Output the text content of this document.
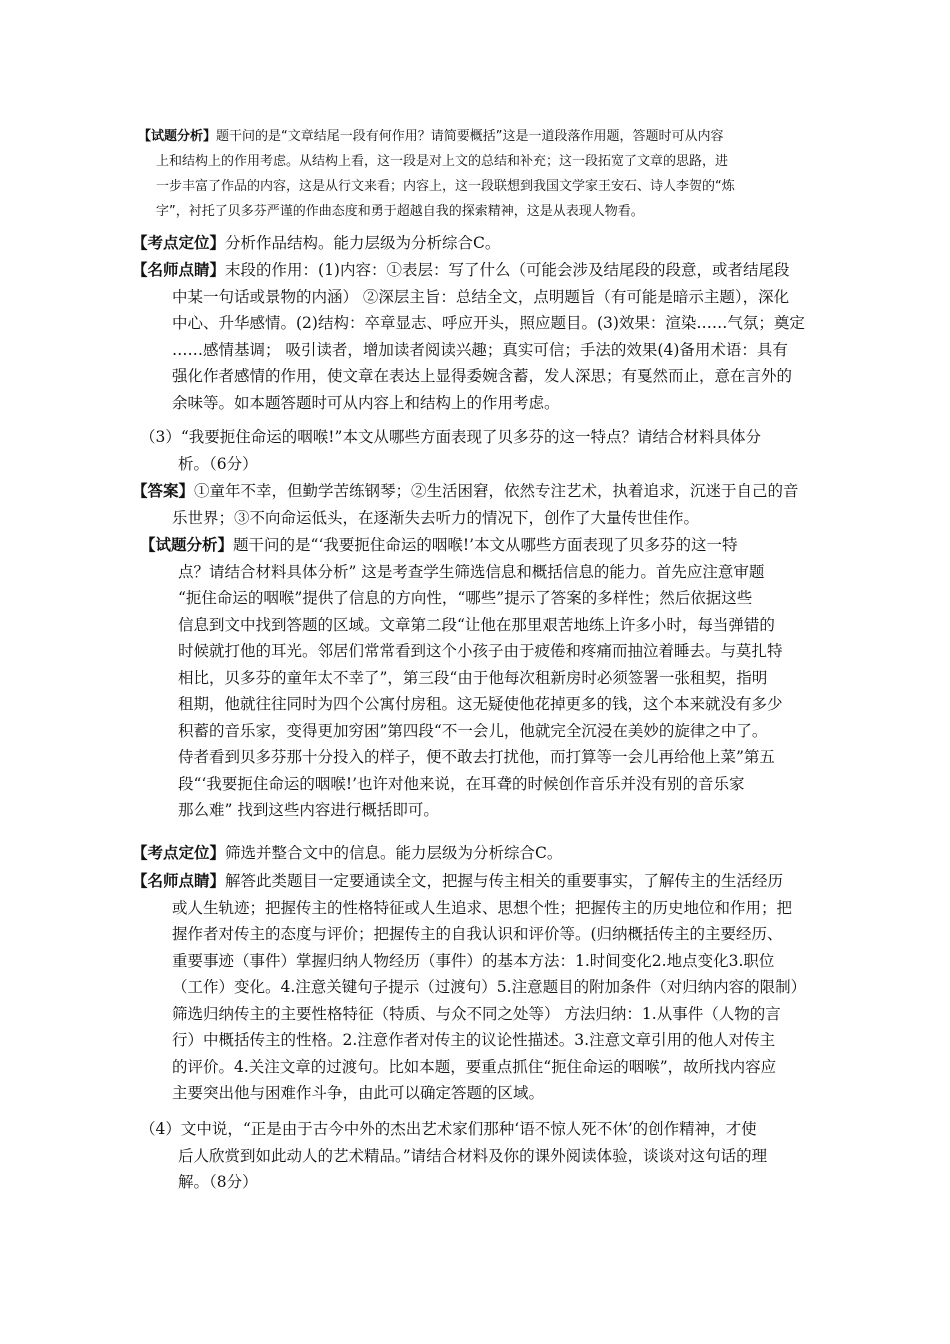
【试题分析】题干问的是“文章结尾一段有何作用？请简要概括”这是一道段落作用题，答题时可从内容
上和结构上的作用考虑。从结构上看，这一段是对上文的总结和补充；这一段拓宽了文章的思路，进
一步丰富了作品的内容，这是从行文来看；内容上，这一段联想到我国文学家王安石、诗人李贺的“炼
字”，衬托了贝多芬严谨的作曲态度和勇于超越自我的探索精神，这是从表现人物看。
【考点定位】分析作品结构。能力层级为分析综合C。
【名师点睛】末段的作用：(1)内容：①表层：写了什么（可能会涉及结尾段的段意，或者结尾段
中某一句话或景物的内涵） ②深层主旨：总结全文，点明题旨（有可能是暗示主题），深化
中心、升华感情。(2)结构：卒章显志、呼应开头，照应题目。(3)效果：渲染……气氛；奠定
……感情基调； 吸引读者，增加读者阅读兴趣；真实可信；手法的效果(4)备用术语：具有
强化作者感情的作用，使文章在表达上显得委婉含蓄，发人深思；有戛然而止，意在言外的
余味等。如本题答题时可从内容上和结构上的作用考虑。
（3）“我要扼住命运的咽喉!”本文从哪些方面表现了贝多芬的这一特点？请结合材料具体分
析。（6分）
【答案】①童年不幸，但勤学苦练钢琴；②生活困窘，依然专注艺术，执着追求，沉迷于自己的音
乐世界；③不向命运低头，在逐渐失去听力的情况下，创作了大量传世佳作。
【试题分析】题干问的是“‘我要扼住命运的咽喉!’本文从哪些方面表现了贝多芬的这一特
点？请结合材料具体分析” 这是考查学生筛选信息和概括信息的能力。首先应注意审题
“扼住命运的咽喉”提供了信息的方向性，“哪些”提示了答案的多样性；然后依据这些
信息到文中找到答题的区域。文章第二段“让他在那里艰苦地练上许多小时，每当弹错的
时候就打他的耳光。邻居们常常看到这个小孩子由于疲倦和疼痛而抽泣着睡去。与莫扎特
相比，贝多芬的童年太不幸了”，第三段“由于他每次租新房时必须签署一张租契，指明
租期，他就往往同时为四个公寓付房租。这无疑使他花掉更多的钱，这个本来就没有多少
积蓄的音乐家，变得更加穷困”第四段“不一会儿，他就完全沉浸在美妙的旋律之中了。
侍者看到贝多芬那十分投入的样子，便不敢去打扰他，而打算等一会儿再给他上菜”第五
段“‘我要扼住命运的咽喉!’也许对他来说，在耳聋的时候创作音乐并没有别的音乐家
那么难” 找到这些内容进行概括即可。
【考点定位】筛选并整合文中的信息。能力层级为分析综合C。
【名师点睛】解答此类题目一定要通读全文，把握与传主相关的重要事实，了解传主的生活经历
或人生轨迹；把握传主的性格特征或人生追求、思想个性；把握传主的历史地位和作用；把
握作者对传主的态度与评价；把握传主的自我认识和评价等。(归纳概括传主的主要经历、
重要事迹（事件）掌握归纳人物经历（事件）的基本方法：1.时间变化2.地点变化3.职位
（工作）变化。4.注意关键句子提示（过渡句）5.注意题目的附加条件（对归纳内容的限制）
筛选归纳传主的主要性格特征（特质、与众不同之处等） 方法归纳：1.从事件（人物的言
行）中概括传主的性格。2.注意作者对传主的议论性描述。3.注意文章引用的他人对传主
的评价。4.关注文章的过渡句。比如本题，要重点抓住“扼住命运的咽喉”，故所找内容应
主要突出他与困难作斗争，由此可以确定答题的区域。
（4）文中说，“正是由于古今中外的杰出艺术家们那种‘语不惊人死不休’的创作精神，才使
后人欣赏到如此动人的艺术精品。”请结合材料及你的课外阅读体验，谈谈对这句话的理
解。（8分）
